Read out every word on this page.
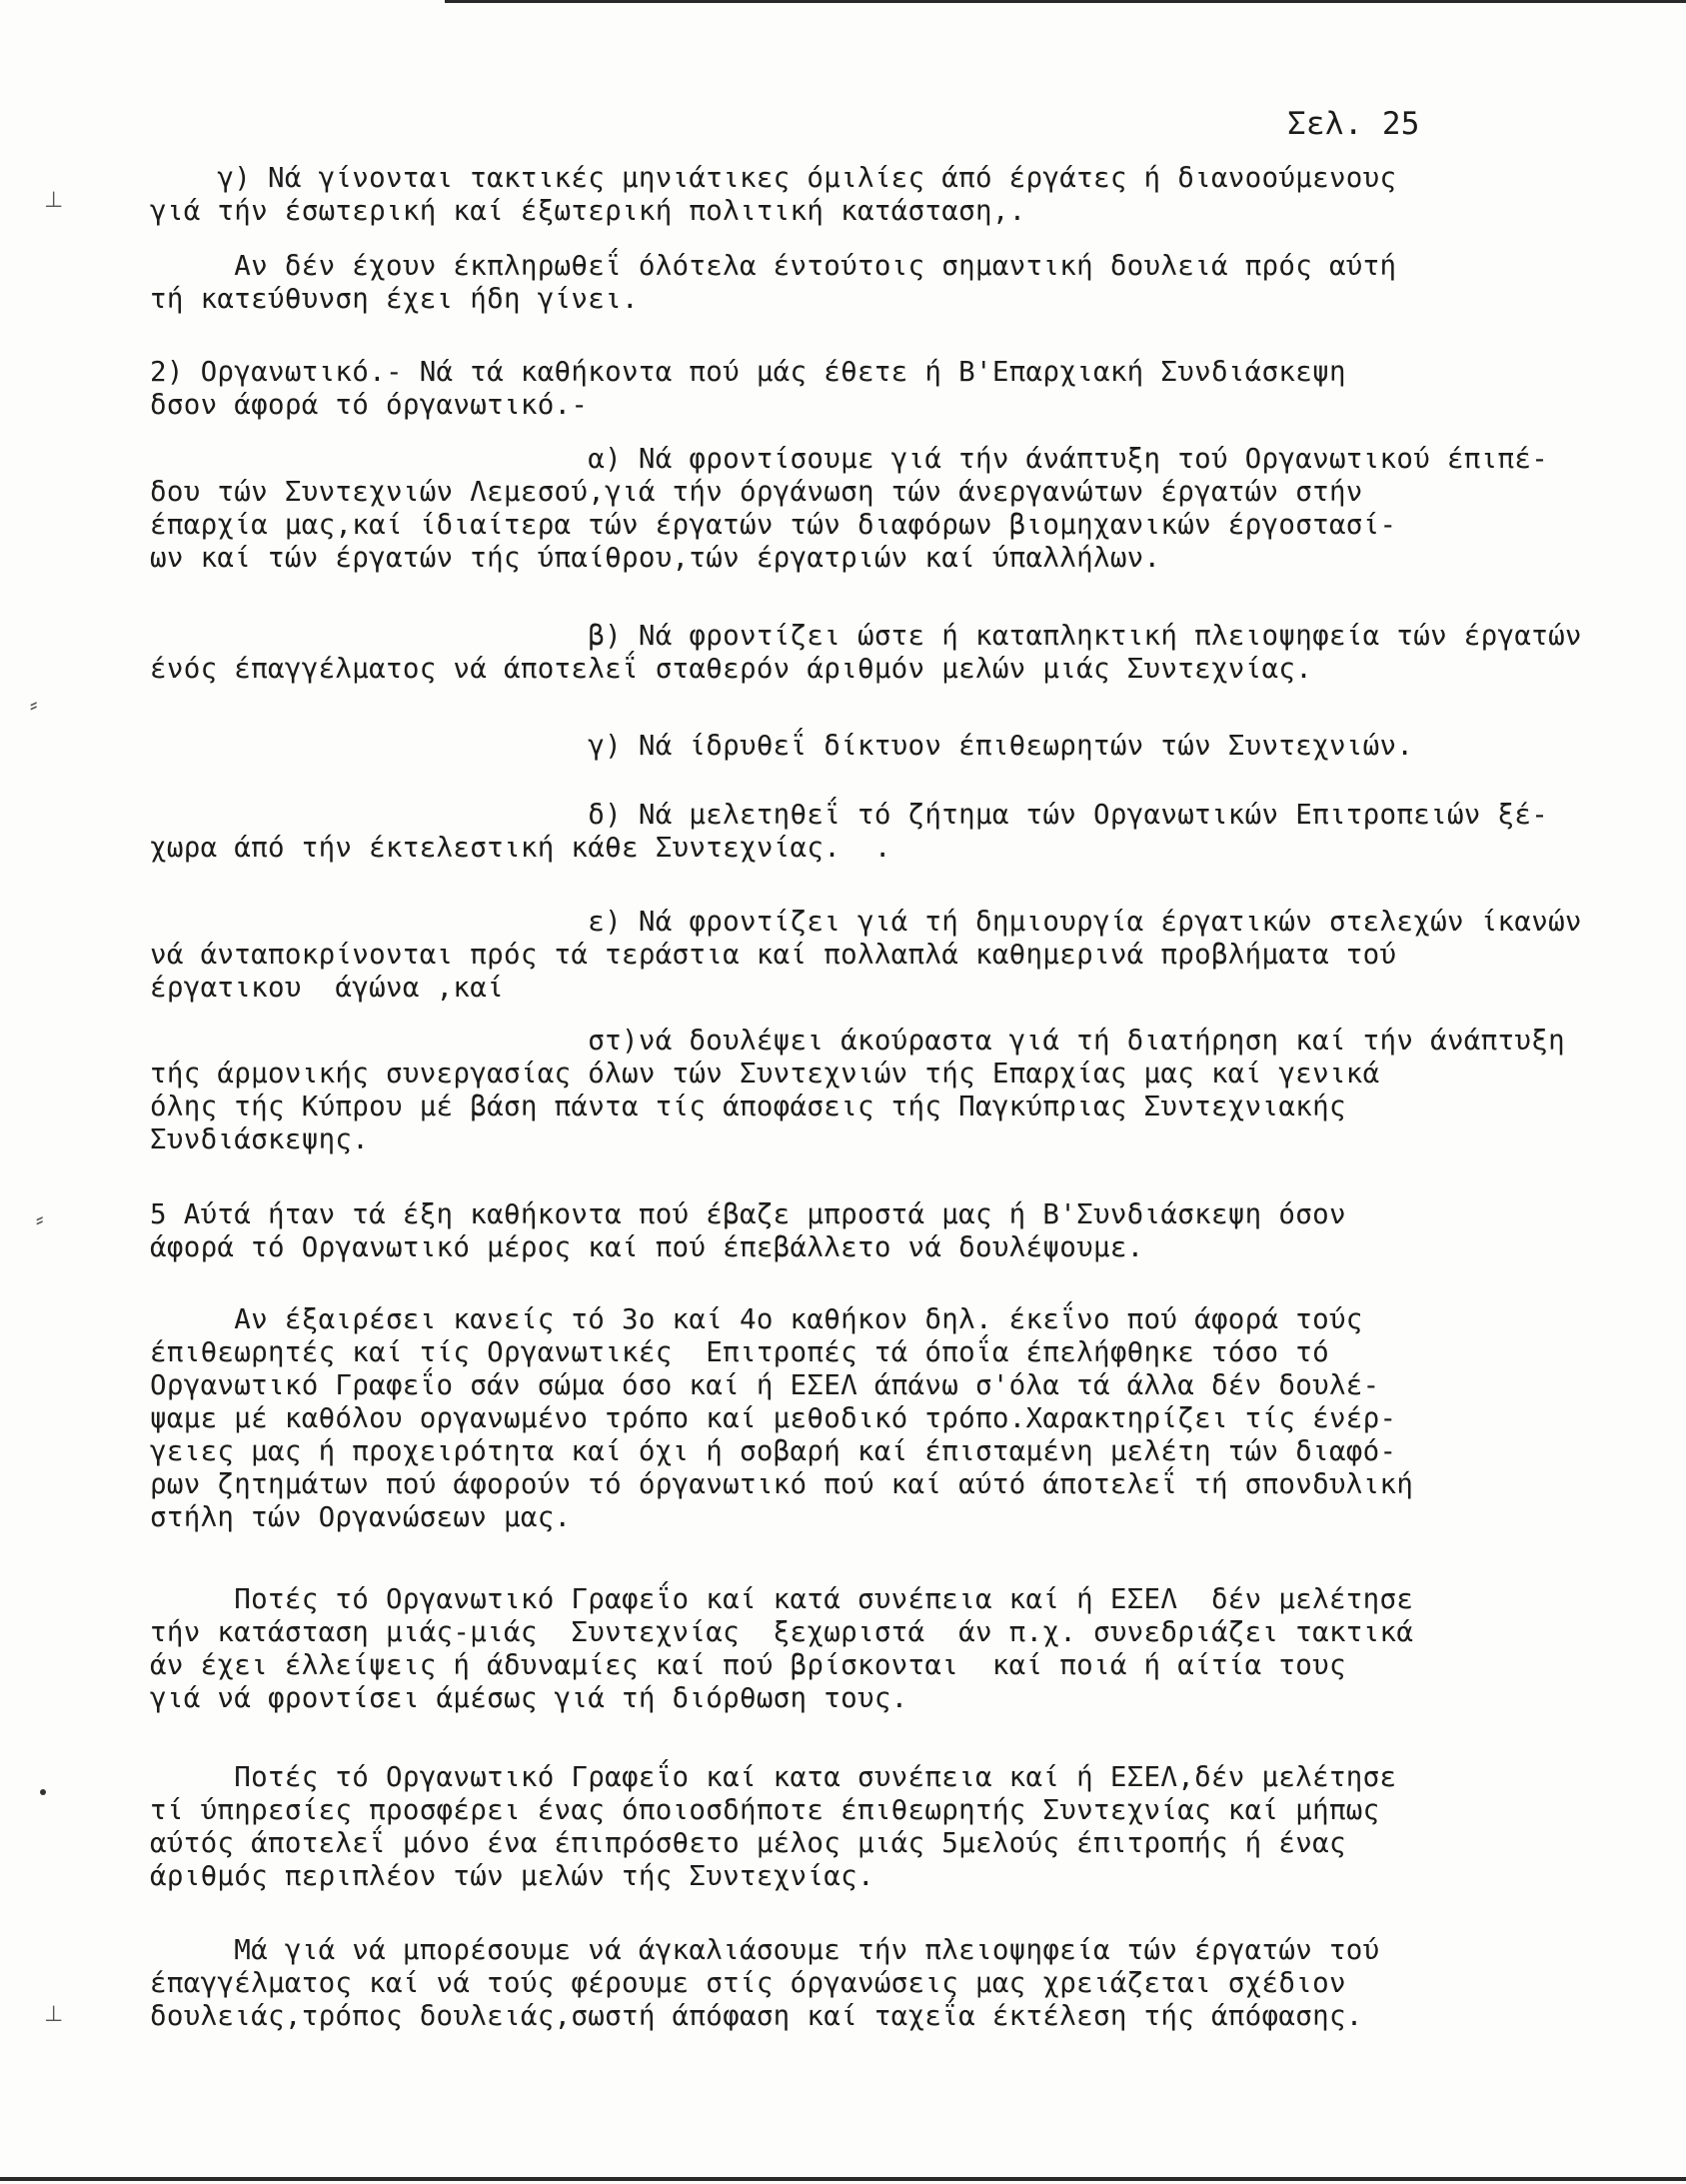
Σελ. 25

γ) Νά γίνονται τακτικές μηνιάτικες όμιλίες άπό έργάτες ή διανοούμενους
γιά τήν έσωτερική καί έξωτερική πολιτική κατάσταση,.

Αν δέν έχουν έκπληρωθεΐ όλότελα έντούτοις σημαντική δουλειά πρός αύτή
τή κατεύθυνση έχει ήδη γίνει.

2) Οργανωτικό.- Νά τά καθήκοντα πού μάς έθετε ή Β'Επαρχιακή Συνδιάσκεψη
δσον άφορά τό όργανωτικό.-

α) Νά φροντίσουμε γιά τήν άνάπτυξη τού Οργανωτικού έπιπέ-
δου τών Συντεχνιών Λεμεσού,γιά τήν όργάνωση τών άνεργανώτων έργατών στήν
έπαρχία μας,καί ίδιαίτερα τών έργατών τών διαφόρων βιομηχανικών έργοστασί-
ων καί τών έργατών τής ύπαίθρου,τών έργατριών καί ύπαλλήλων.

β) Νά φροντίζει ώστε ή καταπληκτική πλειοψηφεία τών έργατών
ένός έπαγγέλματος νά άποτελεΐ σταθερόν άριθμόν μελών μιάς Συντεχνίας.

γ) Νά ίδρυθεΐ δίκτυον έπιθεωρητών τών Συντεχνιών.

δ) Νά μελετηθεΐ τό ζήτημα τών Οργανωτικών Επιτροπειών ξέ-
χωρα άπό τήν έκτελεστική κάθε Συντεχνίας.  .

ε) Νά φροντίζει γιά τή δημιουργία έργατικών στελεχών ίκανών
νά άνταποκρίνονται πρός τά τεράστια καί πολλαπλά καθημερινά προβλήματα τού
έργατικου  άγώνα ,καί

στ)νά δουλέψει άκούραστα γιά τή διατήρηση καί τήν άνάπτυξη
τής άρμονικής συνεργασίας όλων τών Συντεχνιών τής Επαρχίας μας καί γενικά
όλης τής Κύπρου μέ βάση πάντα τίς άποφάσεις τής Παγκύπριας Συντεχνιακής
Συνδιάσκεψης.

5 Αύτά ήταν τά έξη καθήκοντα πού έβαζε μπροστά μας ή Β'Συνδιάσκεψη όσον
άφορά τό Οργανωτικό μέρος καί πού έπεβάλλετο νά δουλέψουμε.

Αν έξαιρέσει κανείς τό 3ο καί 4ο καθήκον δηλ. έκεΐνο πού άφορά τούς
έπιθεωρητές καί τίς Οργανωτικές  Επιτροπές τά όποΐα έπελήφθηκε τόσο τό
Οργανωτικό Γραφεΐο σάν σώμα όσο καί ή ΕΣΕΛ άπάνω σ'όλα τά άλλα δέν δουλέ-
ψαμε μέ καθόλου οργανωμένο τρόπο καί μεθοδικό τρόπο.Χαρακτηρίζει τίς ένέρ-
γειες μας ή προχειρότητα καί όχι ή σοβαρή καί έπισταμένη μελέτη τών διαφό-
ρων ζητημάτων πού άφορούν τό όργανωτικό πού καί αύτό άποτελεΐ τή σπονδυλική
στήλη τών Οργανώσεων μας.

Ποτές τό Οργανωτικό Γραφεΐο καί κατά συνέπεια καί ή ΕΣΕΛ  δέν μελέτησε
τήν κατάσταση μιάς-μιάς  Συντεχνίας  ξεχωριστά  άν π.χ. συνεδριάζει τακτικά
άν έχει έλλείψεις ή άδυναμίες καί πού βρίσκονται  καί ποιά ή αίτία τους
γιά νά φροντίσει άμέσως γιά τή διόρθωση τους.

Ποτές τό Οργανωτικό Γραφεΐο καί κατα συνέπεια καί ή ΕΣΕΛ,δέν μελέτησε
τί ύπηρεσίες προσφέρει ένας όποιοσδήποτε έπιθεωρητής Συντεχνίας καί μήπως
αύτός άποτελεΐ μόνο ένα έπιπρόσθετο μέλος μιάς 5μελούς έπιτροπής ή ένας
άριθμός περιπλέον τών μελών τής Συντεχνίας.

Μά γιά νά μπορέσουμε νά άγκαλιάσουμε τήν πλειοψηφεία τών έργατών τού
έπαγγέλματος καί νά τούς φέρουμε στίς όργανώσεις μας χρειάζεται σχέδιον
δουλειάς,τρόπος δουλειάς,σωστή άπόφαση καί ταχεΐα έκτέλεση τής άπόφασης.

⊥
⸗
⸗
⊥
